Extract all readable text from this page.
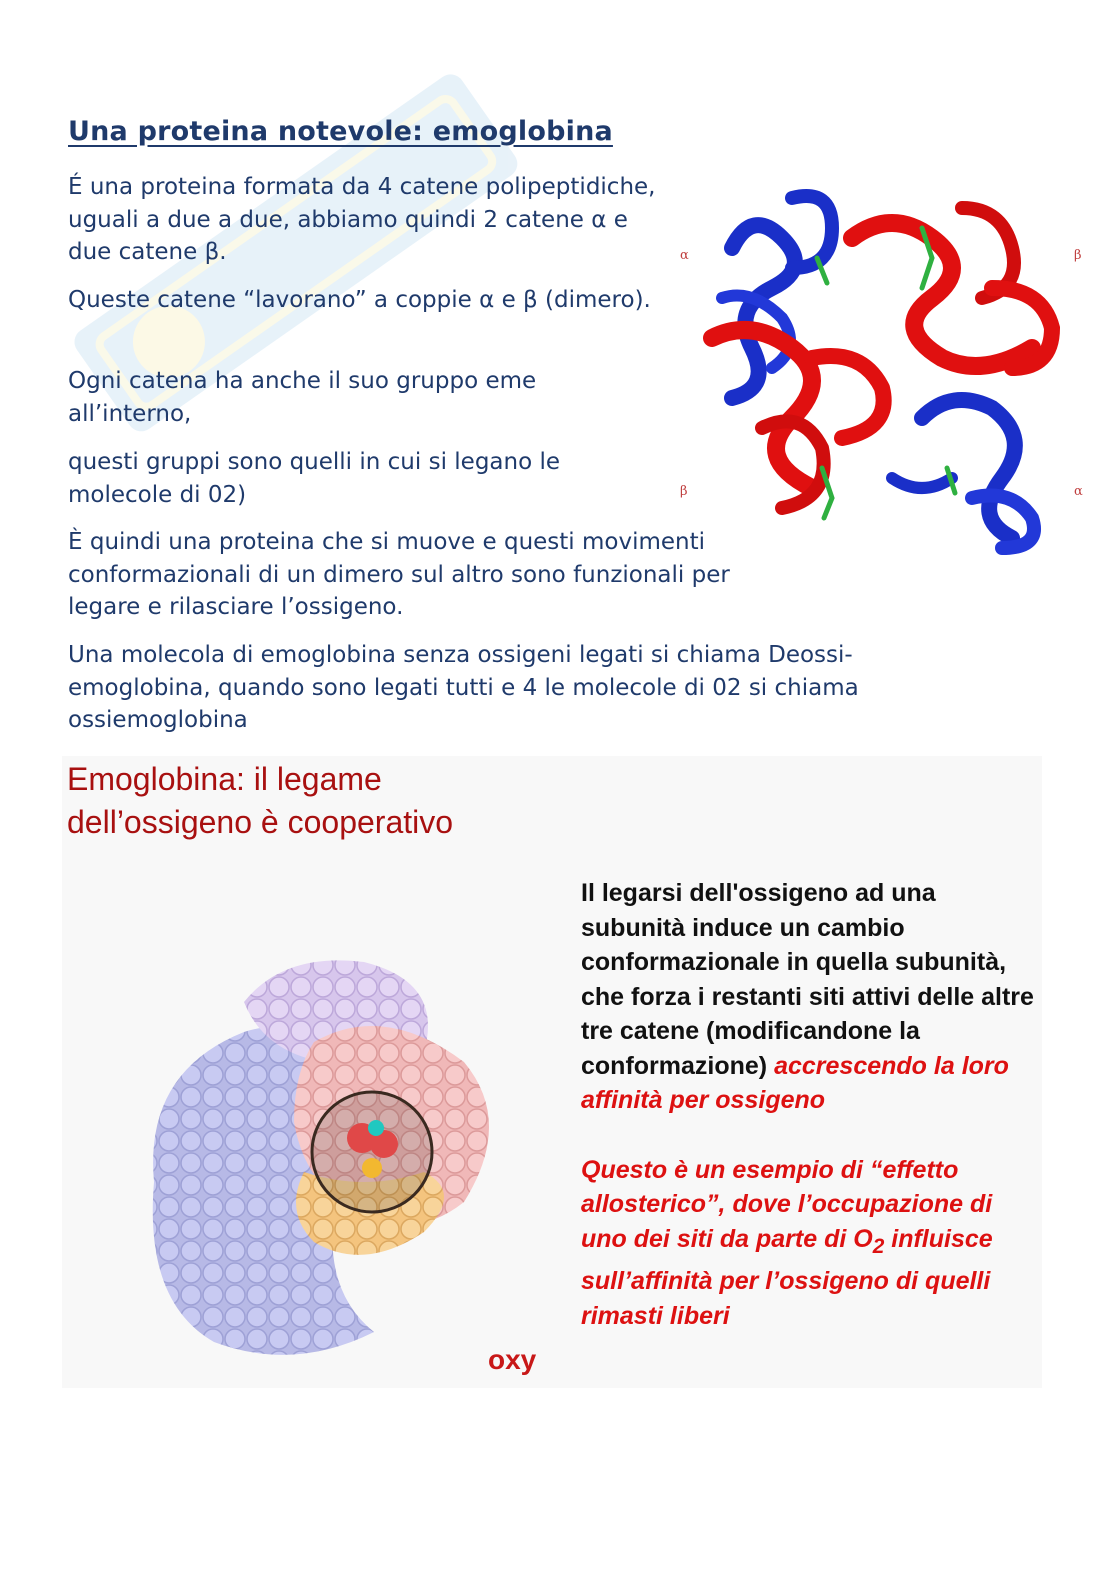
Una proteina notevole: emoglobina

É una proteina formata da 4 catene polipeptidiche, uguali a due a due, abbiamo quindi 2 catene α e due catene β.

Queste catene “lavorano” a coppie α e β (dimero).

Ogni catena ha anche il suo gruppo eme all’interno,

questi gruppi sono quelli in cui si legano le molecole di 02)

È quindi una proteina che si muove e questi movimenti conformazionali di un dimero sul altro sono funzionali per legare e rilasciare l’ossigeno.

Una molecola di emoglobina senza ossigeni legati si chiama Deossi-emoglobina, quando sono legati tutti e 4 le molecole di 02 si chiama ossiemoglobina

α	β
β	α
Emoglobina: il legame
dell’ossigeno è cooperativo
oxy
Il legarsi dell'ossigeno ad una subunità induce un cambio conformazionale in quella subunità, che forza i restanti siti attivi delle altre tre catene (modificandone la conformazione) accrescendo la loro affinità per ossigeno
Questo è un esempio di “effetto allosterico”, dove l’occupazione di uno dei siti da parte di $O_2$ influisce sull’affinità per l’ossigeno di quelli rimasti liberi
